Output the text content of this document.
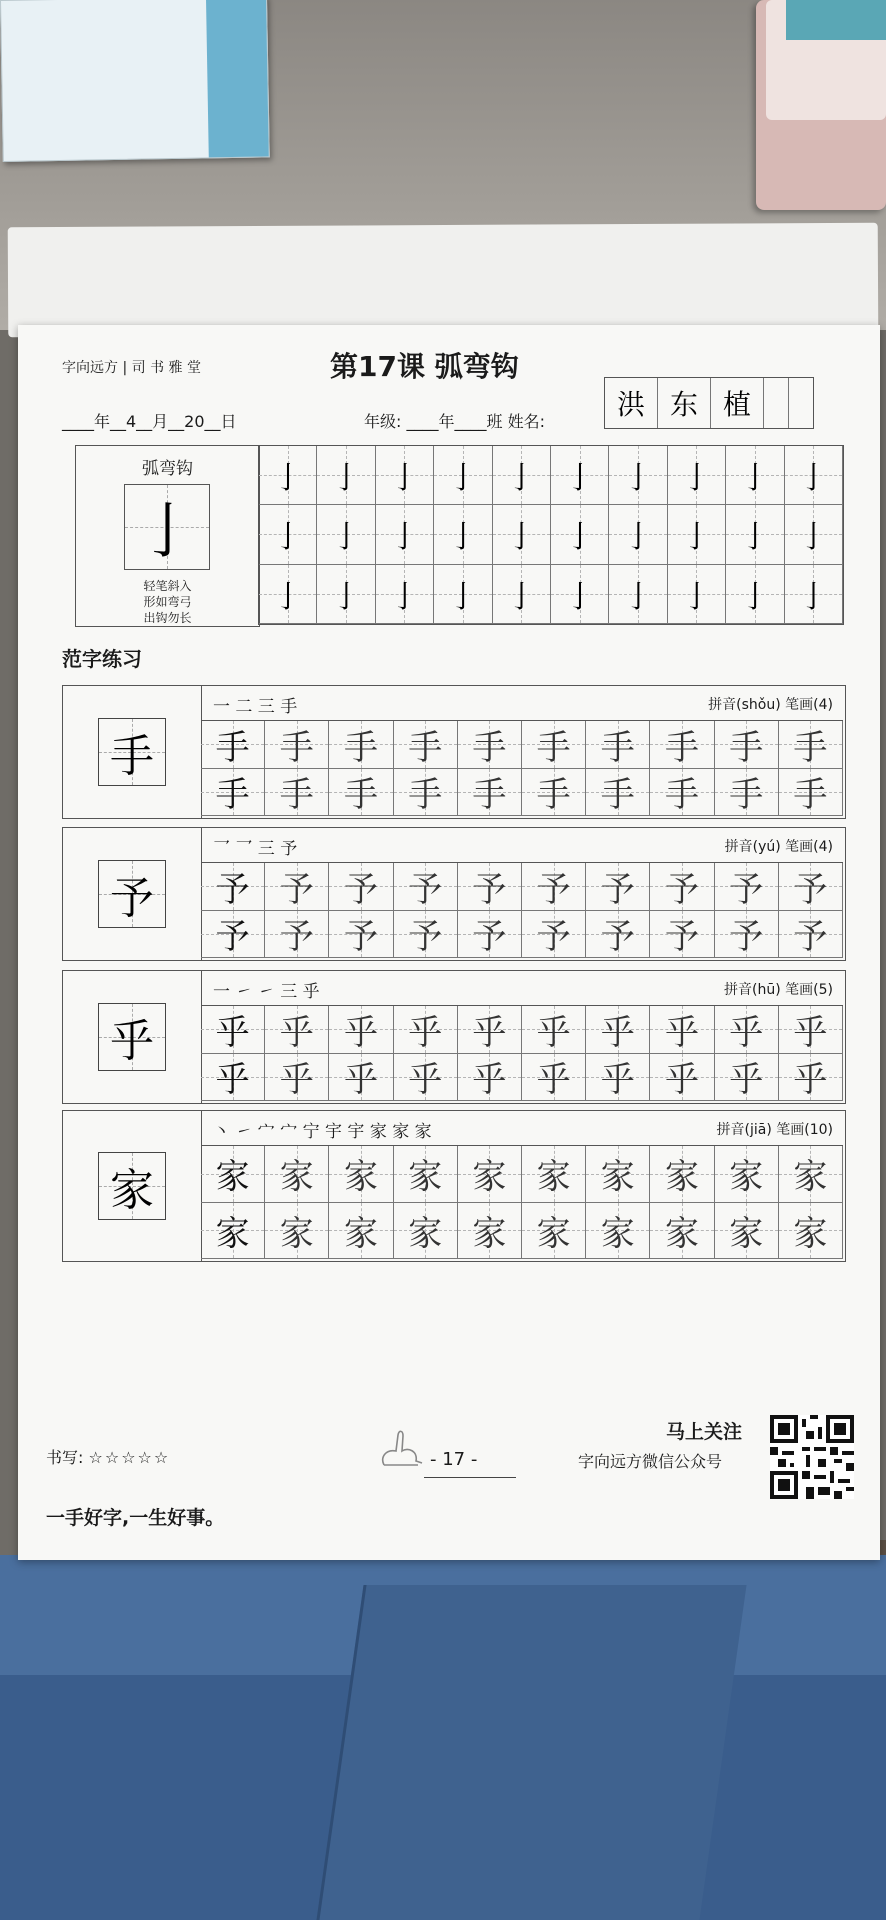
字向远方 | 司 书 雅 堂	第17课 弧弯钩
____年__4__月__20__日	年级: ____年____班 姓名:
洪 东 植
弧弯钩
亅
轻笔斜入
形如弯弓
出钩勿长
亅 亅 亅 亅 亅 亅 亅 亅 亅 亅
亅 亅 亅 亅 亅 亅 亅 亅 亅 亅
亅 亅 亅 亅 亅 亅 亅 亅 亅 亅
范字练习
手
一 二 三 手	拼音(shǒu) 笔画(4)
手 手 手 手 手 手 手 手 手 手
手 手 手 手 手 手 手 手 手 手
予
乛 乛 三 予	拼音(yú) 笔画(4)
予 予 予 予 予 予 予 予 予 予
予 予 予 予 予 予 予 予 予 予
乎
一 ㇀ ㇀ 三 乎	拼音(hū) 笔画(5)
乎 乎 乎 乎 乎 乎 乎 乎 乎 乎
乎 乎 乎 乎 乎 乎 乎 乎 乎 乎
家
丶 ㇀ 宀 宀 宁 宇 宇 家 家 家	拼音(jiā) 笔画(10)
家 家 家 家 家 家 家 家 家 家
家 家 家 家 家 家 家 家 家 家
书写: ☆☆☆☆☆	- 17 -
马上关注
字向远方微信公众号
一手好字,一生好事。
